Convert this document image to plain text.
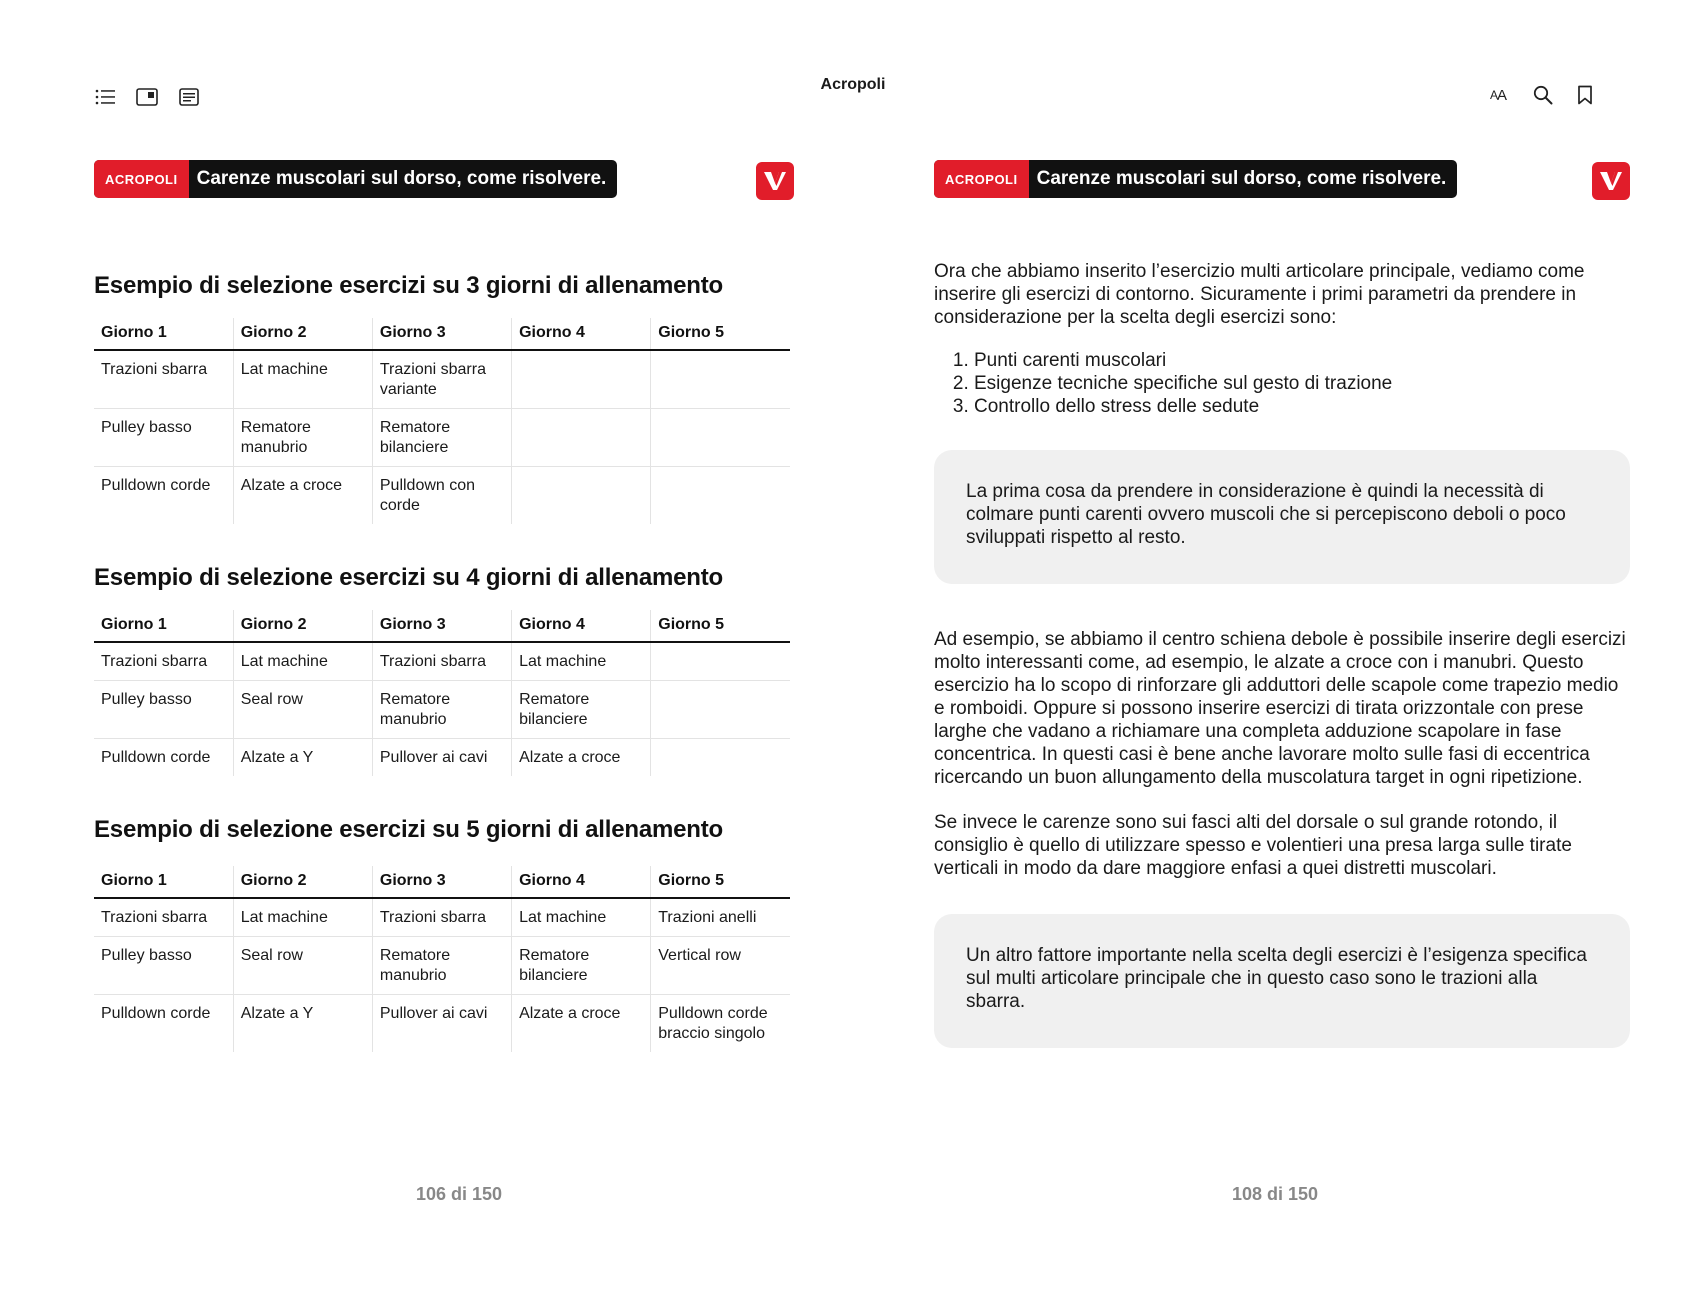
Acropoli
A A
ACROPOLI	Carenze muscolari sul dorso, come risolvere.
Esempio di selezione esercizi su 3 giorni di allenamento
Giorno 1	Giorno 2	Giorno 3	Giorno 4	Giorno 5
Trazioni sbarra	Lat machine	Trazioni sbarra variante		
Pulley basso	Rematore manubrio	Rematore bilanciere		
Pulldown corde	Alzate a croce	Pulldown con corde		
Esempio di selezione esercizi su 4 giorni di allenamento
Giorno 1	Giorno 2	Giorno 3	Giorno 4	Giorno 5
Trazioni sbarra	Lat machine	Trazioni sbarra	Lat machine	
Pulley basso	Seal row	Rematore manubrio	Rematore bilanciere	
Pulldown corde	Alzate a Y	Pullover ai cavi	Alzate a croce	
Esempio di selezione esercizi su 5 giorni di allenamento
Giorno 1	Giorno 2	Giorno 3	Giorno 4	Giorno 5
Trazioni sbarra	Lat machine	Trazioni sbarra	Lat machine	Trazioni anelli
Pulley basso	Seal row	Rematore manubrio	Rematore bilanciere	Vertical row
Pulldown corde	Alzate a Y	Pullover ai cavi	Alzate a croce	Pulldown corde braccio singolo
106 di 150
ACROPOLI	Carenze muscolari sul dorso, come risolvere.

Ora che abbiamo inserito l’esercizio multi articolare principale, vediamo come inserire gli esercizi di contorno. Sicuramente i primi parametri da prendere in considerazione per la scelta degli esercizi sono:

1. Punti carenti muscolari
2. Esigenze tecniche specifiche sul gesto di trazione
3. Controllo dello stress delle sedute
La prima cosa da prendere in considerazione è quindi la necessità di colmare punti carenti ovvero muscoli che si percepiscono deboli o poco sviluppati rispetto al resto.

Ad esempio, se abbiamo il centro schiena debole è possibile inserire degli esercizi molto interessanti come, ad esempio, le alzate a croce con i manubri. Questo esercizio ha lo scopo di rinforzare gli adduttori delle scapole come trapezio medio e romboidi. Oppure si possono inserire esercizi di tirata orizzontale con prese larghe che vadano a richiamare una completa adduzione scapolare in fase concentrica. In questi casi è bene anche lavorare molto sulle fasi di eccentrica ricercando un buon allungamento della muscolatura target in ogni ripetizione.

Se invece le carenze sono sui fasci alti del dorsale o sul grande rotondo, il consiglio è quello di utilizzare spesso e volentieri una presa larga sulle tirate verticali in modo da dare maggiore enfasi a quei distretti muscolari.

Un altro fattore importante nella scelta degli esercizi è l’esigenza specifica sul multi articolare principale che in questo caso sono le trazioni alla sbarra.
108 di 150
